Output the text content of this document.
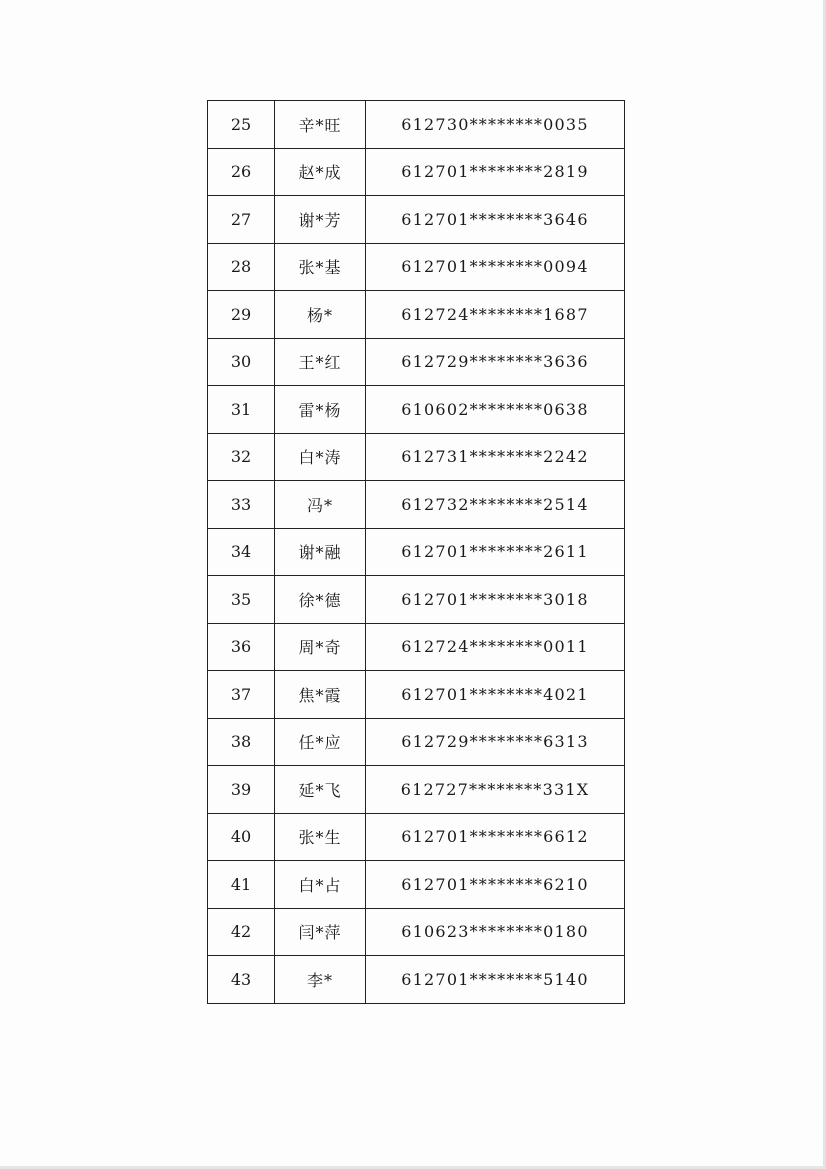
25	辛*旺	612730********0035
26	赵*成	612701********2819
27	谢*芳	612701********3646
28	张*基	612701********0094
29	杨*	612724********1687
30	王*红	612729********3636
31	雷*杨	610602********0638
32	白*涛	612731********2242
33	冯*	612732********2514
34	谢*融	612701********2611
35	徐*德	612701********3018
36	周*奇	612724********0011
37	焦*霞	612701********4021
38	任*应	612729********6313
39	延*飞	612727********331X
40	张*生	612701********6612
41	白*占	612701********6210
42	闫*萍	610623********0180
43	李*	612701********5140
